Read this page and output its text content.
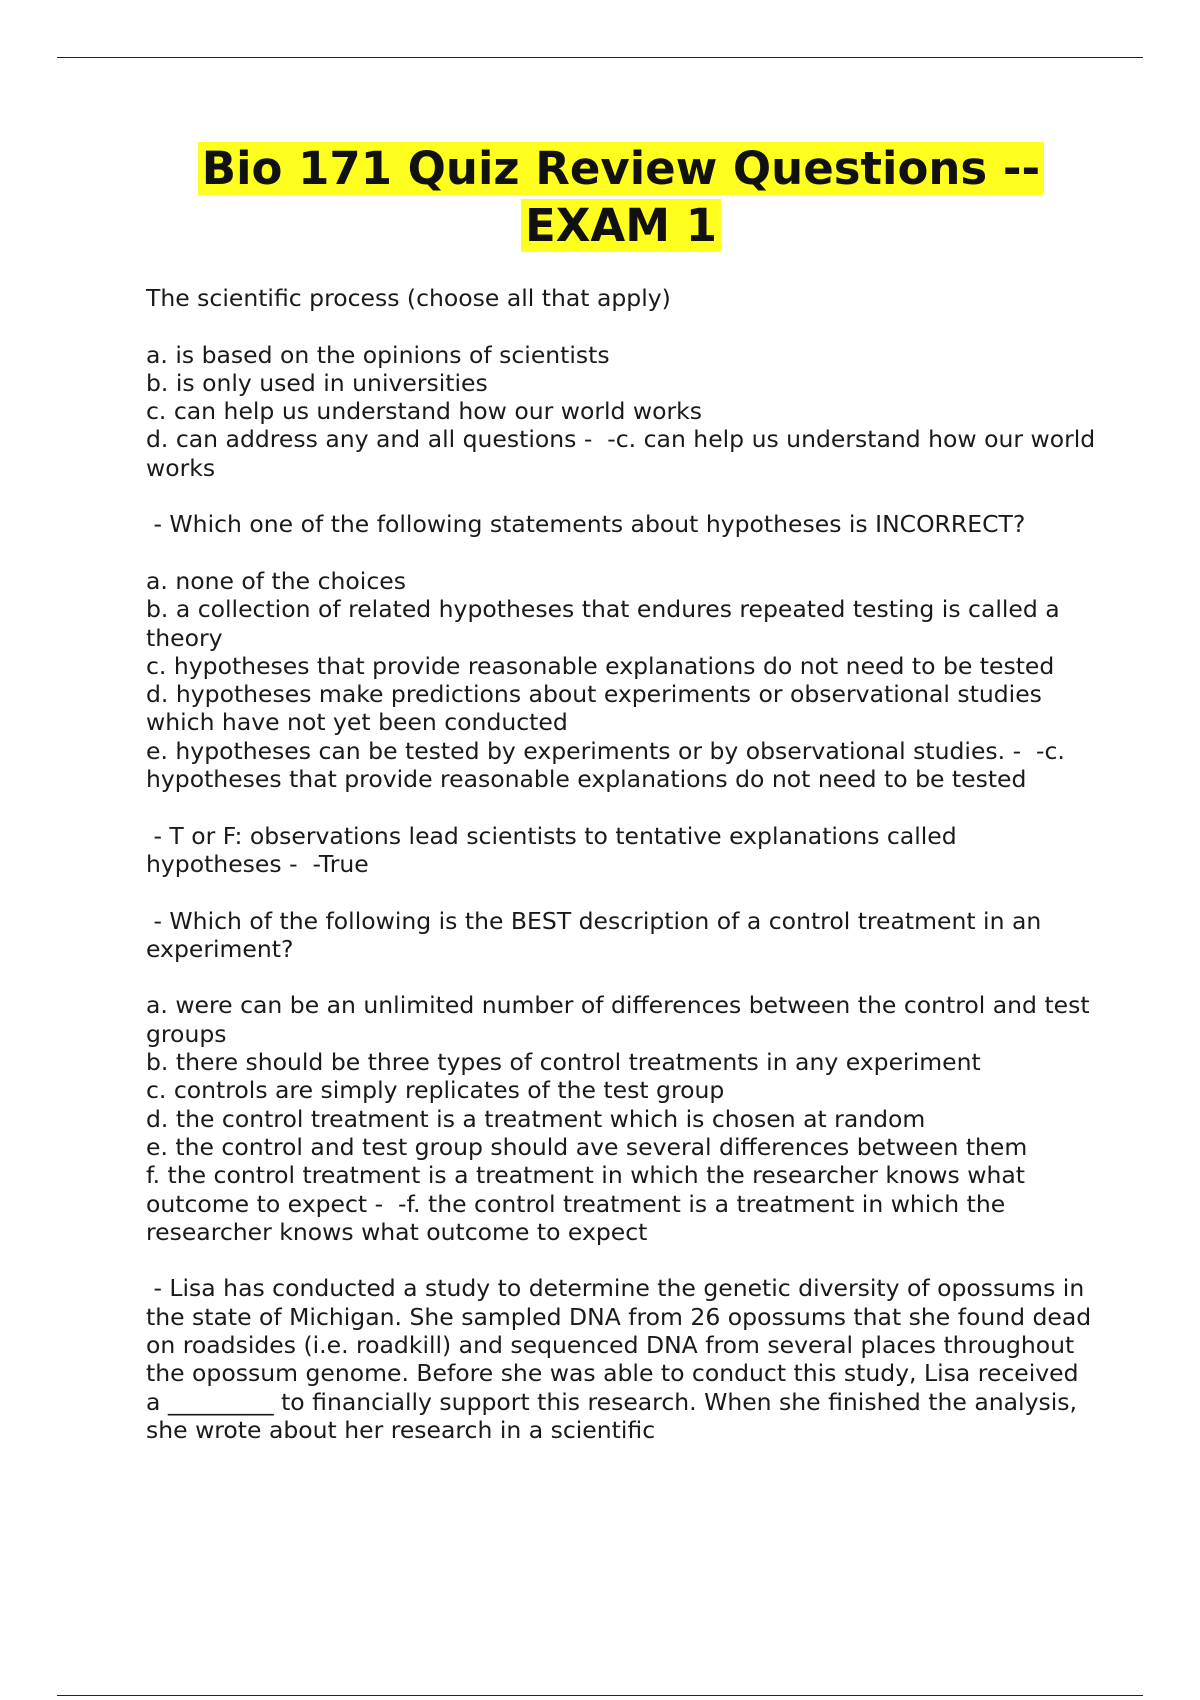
Bio 171 Quiz Review Questions -- EXAM 1
The scientific process (choose all that apply)
a. is based on the opinions of scientists
b. is only used in universities
c. can help us understand how our world works
d. can address any and all questions -  -c. can help us understand how our world works
- Which one of the following statements about hypotheses is INCORRECT?
a. none of the choices
b. a collection of related hypotheses that endures repeated testing is called a theory
c. hypotheses that provide reasonable explanations do not need to be tested
d. hypotheses make predictions about experiments or observational studies which have not yet been conducted
e. hypotheses can be tested by experiments or by observational studies. -  -c. hypotheses that provide reasonable explanations do not need to be tested
- T or F: observations lead scientists to tentative explanations called hypotheses -  -True
- Which of the following is the BEST description of a control treatment in an experiment?
a. were can be an unlimited number of differences between the control and test groups
b. there should be three types of control treatments in any experiment
c. controls are simply replicates of the test group
d. the control treatment is a treatment which is chosen at random
e. the control and test group should ave several differences between them
f. the control treatment is a treatment in which the researcher knows what outcome to expect -  -f. the control treatment is a treatment in which the researcher knows what outcome to expect
- Lisa has conducted a study to determine the genetic diversity of opossums in the state of Michigan. She sampled DNA from 26 opossums that she found dead on roadsides (i.e. roadkill) and sequenced DNA from several places throughout the opossum genome. Before she was able to conduct this study, Lisa received a _________ to financially support this research. When she finished the analysis, she wrote about her research in a scientific
